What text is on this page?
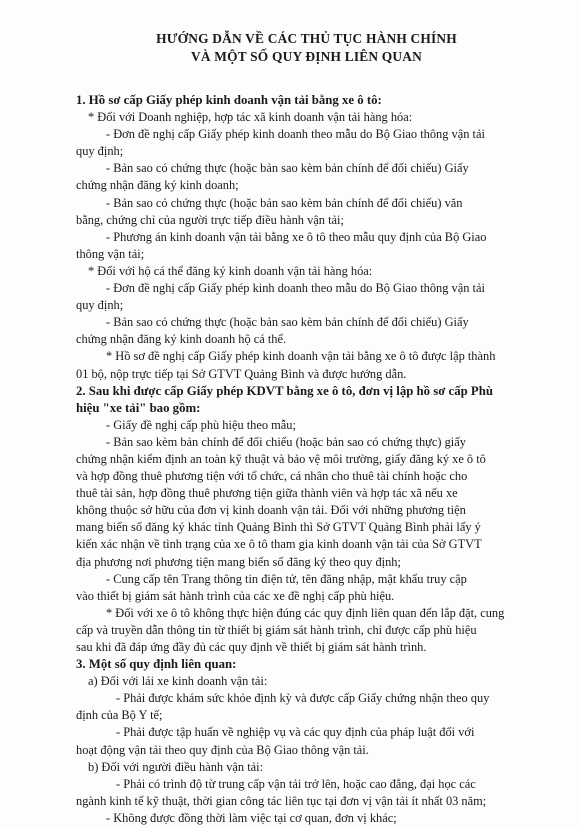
HƯỚNG DẪN VỀ CÁC THỦ TỤC HÀNH CHÍNH
VÀ MỘT SỐ QUY ĐỊNH LIÊN QUAN
1. Hồ sơ cấp Giấy phép kinh doanh vận tải bằng xe ô tô:
* Đối với Doanh nghiệp, hợp tác xã kinh doanh vận tải hàng hóa:
- Đơn đề nghị cấp Giấy phép kinh doanh theo mẫu do Bộ Giao thông vận tải
quy định;
- Bản sao có chứng thực (hoặc bản sao kèm bản chính để đối chiếu) Giấy
chứng nhận đăng ký kinh doanh;
- Bản sao có chứng thực (hoặc bản sao kèm bản chính để đối chiếu) văn
bằng, chứng chỉ của người trực tiếp điều hành vận tải;
- Phương án kinh doanh vận tải bằng xe ô tô theo mẫu quy định của Bộ Giao
thông vận tải;
* Đối với hộ cá thể đăng ký kinh doanh vận tải hàng hóa:
- Đơn đề nghị cấp Giấy phép kinh doanh theo mẫu do Bộ Giao thông vận tải
quy định;
- Bản sao có chứng thực (hoặc bản sao kèm bản chính để đối chiếu) Giấy
chứng nhận đăng ký kinh doanh hộ cá thể.
* Hồ sơ đề nghị cấp Giấy phép kinh doanh vận tải bằng xe ô tô được lập thành
01 bộ, nộp trực tiếp tại Sở GTVT Quảng Bình và được hướng dẫn.
2. Sau khi được cấp Giấy phép KDVT bằng xe ô tô, đơn vị lập hồ sơ cấp Phù
hiệu "xe tải" bao gồm:
- Giấy đề nghị cấp phù hiệu theo mẫu;
- Bản sao kèm bản chính để đối chiếu (hoặc bản sao có chứng thực) giấy
chứng nhận kiểm định an toàn kỹ thuật và bảo vệ môi trường, giấy đăng ký xe ô tô
và hợp đồng thuê phương tiện với tổ chức, cá nhân cho thuê tài chính hoặc cho
thuê tài sản, hợp đồng thuê phương tiện giữa thành viên và hợp tác xã nếu xe
không thuộc sở hữu của đơn vị kinh doanh vận tải. Đối với những phương tiện
mang biển số đăng ký khác tỉnh Quảng Bình thì Sở GTVT Quảng Bình phải lấy ý
kiến xác nhận về tình trạng của xe ô tô tham gia kinh doanh vận tải của Sở GTVT
địa phương nơi phương tiện mang biển số đăng ký theo quy định;
- Cung cấp tên Trang thông tin điện tử, tên đăng nhập, mật khẩu truy cập
vào thiết bị giám sát hành trình của các xe đề nghị cấp phù hiệu.
* Đối với xe ô tô không thực hiện đúng các quy định liên quan đến lắp đặt, cung
cấp và truyền dẫn thông tin từ thiết bị giám sát hành trình, chỉ được cấp phù hiệu
sau khi đã đáp ứng đầy đủ các quy định về thiết bị giám sát hành trình.
3. Một số quy định liên quan:
a) Đối với lái xe kinh doanh vận tải:
- Phải được khám sức khỏe định kỳ và được cấp Giấy chứng nhận theo quy
định của Bộ Y tế;
- Phải được tập huấn về nghiệp vụ và các quy định của pháp luật đối với
hoạt động vận tải theo quy định của Bộ Giao thông vận tải.
b) Đối với người điều hành vận tải:
- Phải có trình độ từ trung cấp vận tải trở lên, hoặc cao đẳng, đại học các
ngành kinh tế kỹ thuật, thời gian công tác liên tục tại đơn vị vận tải ít nhất 03 năm;
- Không được đồng thời làm việc tại cơ quan, đơn vị khác;
